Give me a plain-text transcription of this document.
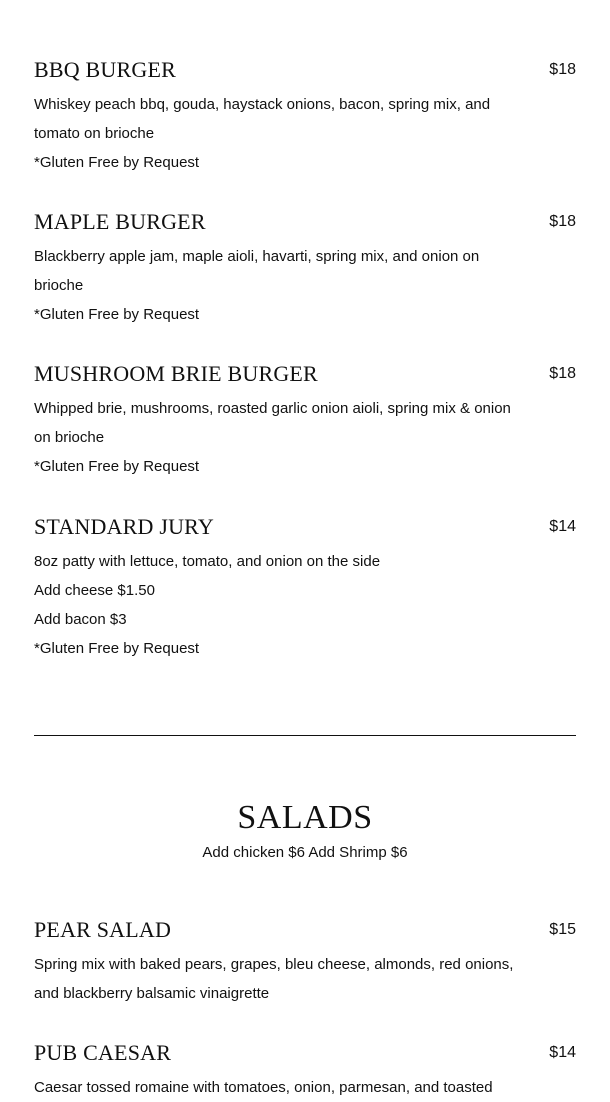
BBQ BURGER	$18
Whiskey peach bbq, gouda, haystack onions, bacon, spring mix, and
tomato on brioche
*Gluten Free by Request
MAPLE BURGER	$18
Blackberry apple jam, maple aioli, havarti, spring mix, and onion on
brioche
*Gluten Free by Request
MUSHROOM BRIE BURGER	$18
Whipped brie, mushrooms, roasted garlic onion aioli, spring mix & onion
on brioche
*Gluten Free by Request
STANDARD JURY	$14
8oz patty with lettuce, tomato, and onion on the side
Add cheese $1.50
Add bacon $3
*Gluten Free by Request
SALADS
Add chicken $6 Add Shrimp $6
PEAR SALAD	$15
Spring mix with baked pears, grapes, bleu cheese, almonds, red onions,
and blackberry balsamic vinaigrette
PUB CAESAR	$14
Caesar tossed romaine with tomatoes, onion, parmesan, and toasted
